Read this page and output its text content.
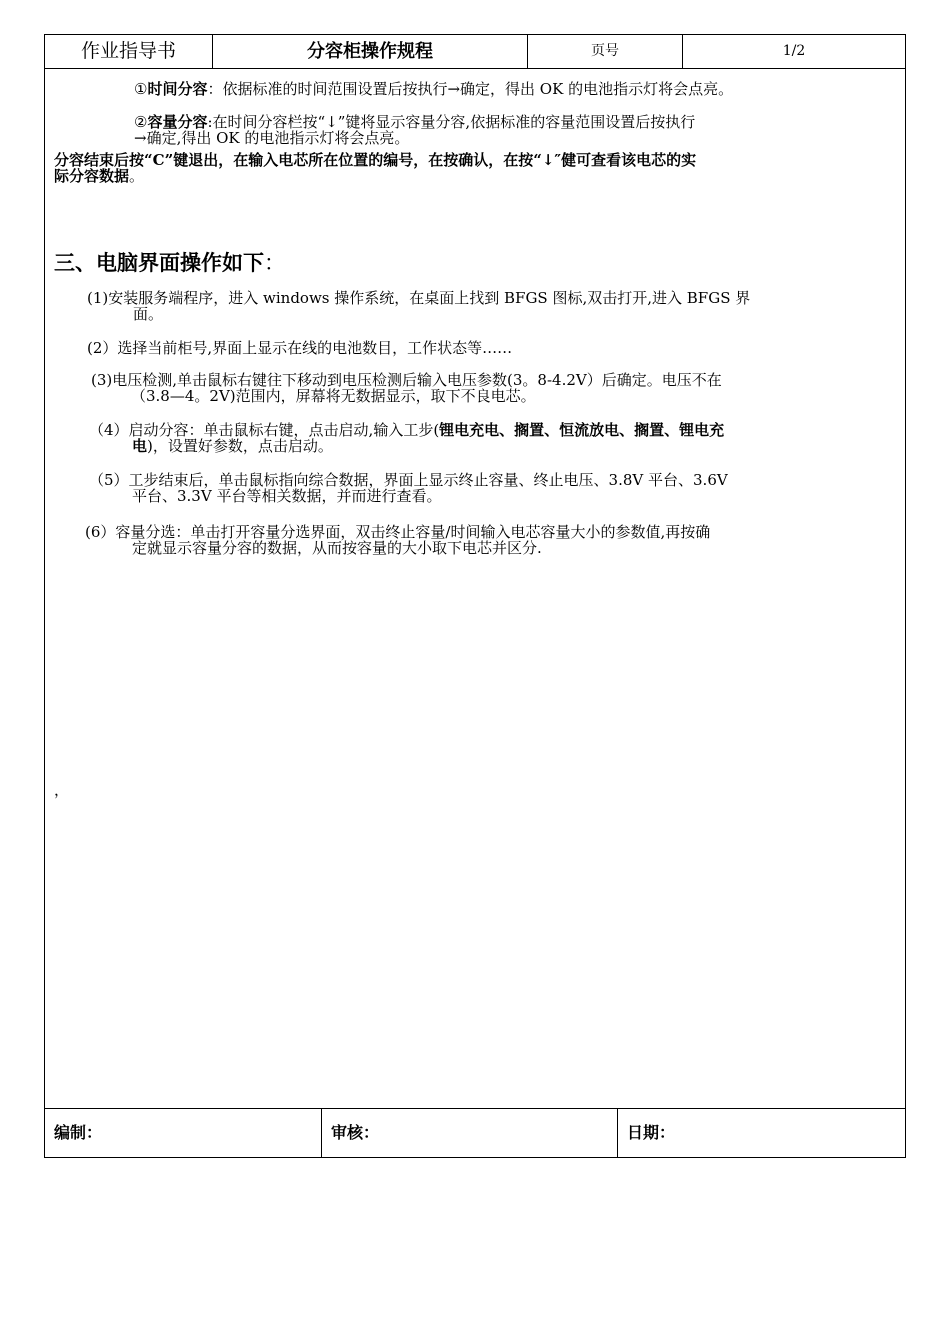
作业指导书	分容柜操作规程	页号	1/2
①时间分容：依据标准的时间范围设置后按执行→确定，得出 OK 的电池指示灯将会点亮。
②容量分容:在时间分容栏按“↓”键将显示容量分容,依据标准的容量范围设置后按执行
→确定,得出 OK 的电池指示灯将会点亮。
分容结束后按“C”键退出，在输入电芯所在位置的编号，在按确认，在按“↓″健可查看该电芯的实
际分容数据。
三、电脑界面操作如下：
(1)安装服务端程序，进入 windows 操作系统，在桌面上找到 BFGS 图标,双击打开,进入 BFGS 界
面。
(2）选择当前柜号,界面上显示在线的电池数目，工作状态等……
(3)电压检测,单击鼠标右键往下移动到电压检测后输入电压参数(3。8-4.2V）后确定。电压不在
（3.8—4。2V)范围内，屏幕将无数据显示，取下不良电芯。
（4）启动分容：单击鼠标右键，点击启动,输入工步(锂电充电、搁置、恒流放电、搁置、锂电充
电)，设置好参数，点击启动。
（5）工步结束后，单击鼠标指向综合数据，界面上显示终止容量、终止电压、3.8V 平台、3.6V
平台、3.3V 平台等相关数据，并而进行查看。
(6）容量分选：单击打开容量分选界面，双击终止容量/时间输入电芯容量大小的参数值,再按确
定就显示容量分容的数据，从而按容量的大小取下电芯并区分.
，
编制：	审核：	日期：
